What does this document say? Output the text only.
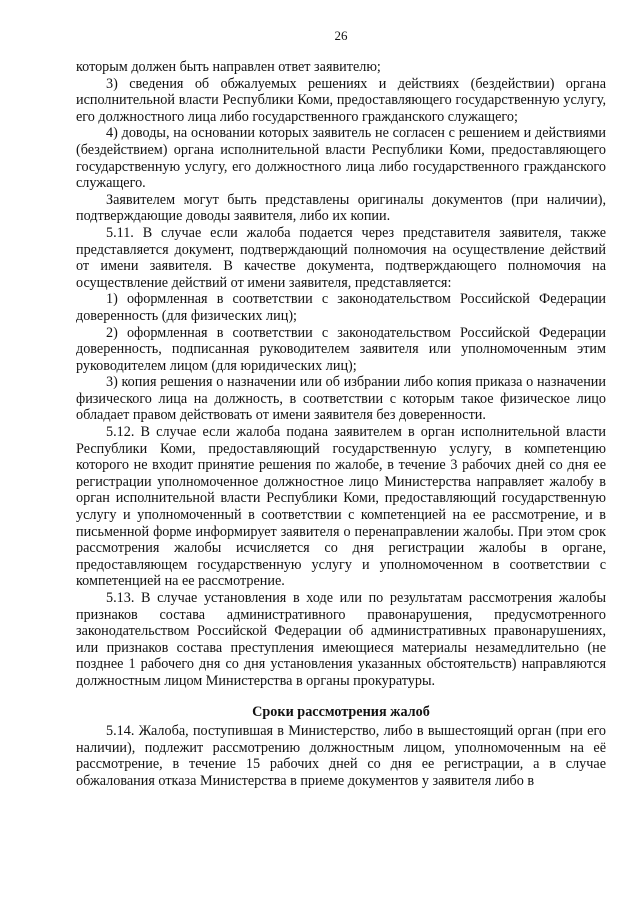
26

которым должен быть направлен ответ заявителю;

3) сведения об обжалуемых решениях и действиях (бездействии) органа исполнительной власти Республики Коми, предоставляющего государственную услугу, его должностного лица либо государственного гражданского служащего;

4) доводы, на основании которых заявитель не согласен с решением и действиями (бездействием) органа исполнительной власти Республики Коми, предоставляющего государственную услугу, его должностного лица либо государственного гражданского служащего.

Заявителем могут быть представлены оригиналы документов (при наличии), подтверждающие доводы заявителя, либо их копии.

5.11. В случае если жалоба подается через представителя заявителя, также представляется документ, подтверждающий полномочия на осуществление действий от имени заявителя. В качестве документа, подтверждающего полномочия на осуществление действий от имени заявителя, представляется:

1) оформленная в соответствии с законодательством Российской Федерации доверенность (для физических лиц);

2) оформленная в соответствии с законодательством Российской Федерации доверенность, подписанная руководителем заявителя или уполномоченным этим руководителем лицом (для юридических лиц);

3) копия решения о назначении или об избрании либо копия приказа о назначении физического лица на должность, в соответствии с которым такое физическое лицо обладает правом действовать от имени заявителя без доверенности.

5.12. В случае если жалоба подана заявителем в орган исполнительной власти Республики Коми, предоставляющий государственную услугу, в компетенцию которого не входит принятие решения по жалобе, в течение 3 рабочих дней со дня ее регистрации уполномоченное должностное лицо Министерства направляет жалобу в орган исполнительной власти Республики Коми, предоставляющий государственную услугу и уполномоченный в соответствии с компетенцией на ее рассмотрение, и в письменной форме информирует заявителя о перенаправлении жалобы. При этом срок рассмотрения жалобы исчисляется со дня регистрации жалобы в органе, предоставляющем государственную услугу и уполномоченном в соответствии с компетенцией на ее рассмотрение.

5.13. В случае установления в ходе или по результатам рассмотрения жалобы признаков состава административного правонарушения, предусмотренного законодательством Российской Федерации об административных правонарушениях, или признаков состава преступления имеющиеся материалы незамедлительно (не позднее 1 рабочего дня со дня установления указанных обстоятельств) направляются должностным лицом Министерства в органы прокуратуры.

Сроки рассмотрения жалоб

5.14. Жалоба, поступившая в Министерство, либо в вышестоящий орган (при его наличии), подлежит рассмотрению должностным лицом, уполномоченным на её рассмотрение, в течение 15 рабочих дней со дня ее регистрации, а в случае обжалования отказа Министерства в приеме документов у заявителя либо в
